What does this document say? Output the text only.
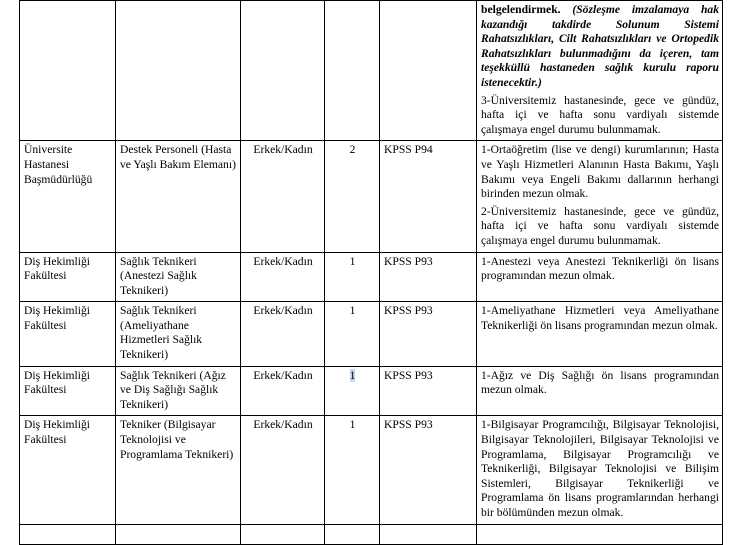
					belgelendirmek. (Sözleşme imzalamaya hak kazandığı takdirde Solunum Sistemi Rahatsızlıkları, Cilt Rahatsızlıkları ve Ortopedik Rahatsızlıkları bulunmadığını da içeren, tam teşekküllü hastaneden sağlık kurulu raporu istenecektir.)
3-Üniversitemiz hastanesinde, gece ve gündüz, hafta içi ve hafta sonu vardiyalı sistemde çalışmaya engel durumu bulunmamak.

Üniversite Hastanesi Başmüdürlüğü	Destek Personeli (Hasta ve Yaşlı Bakım Elemanı)	Erkek/Kadın	2	KPSS P94	1-Ortaöğretim (lise ve dengi) kurumlarının; Hasta ve Yaşlı Hizmetleri Alanının Hasta Bakımı, Yaşlı Bakımı veya Engeli Bakımı dallarının herhangi birinden mezun olmak.
2-Üniversitemiz hastanesinde, gece ve gündüz, hafta içi ve hafta sonu vardiyalı sistemde çalışmaya engel durumu bulunmamak.

Diş Hekimliği Fakültesi	Sağlık Teknikeri (Anestezi Sağlık Teknikeri)	Erkek/Kadın	1	KPSS P93	1-Anestezi veya Anestezi Teknikerliği ön lisans programından mezun olmak.

Diş Hekimliği Fakültesi	Sağlık Teknikeri (Ameliyathane Hizmetleri Sağlık Teknikeri)	Erkek/Kadın	1	KPSS P93	1-Ameliyathane Hizmetleri veya Ameliyathane Teknikerliği ön lisans programından mezun olmak.

Diş Hekimliği Fakültesi	Sağlık Teknikeri (Ağız ve Diş Sağlığı Sağlık Teknikeri)	Erkek/Kadın	1	KPSS P93	1-Ağız ve Diş Sağlığı ön lisans programından mezun olmak.

Diş Hekimliği Fakültesi	Tekniker (Bilgisayar Teknolojisi ve Programlama Teknikeri)	Erkek/Kadın	1	KPSS P93	1-Bilgisayar Programcılığı, Bilgisayar Teknolojisi, Bilgisayar Teknolojileri, Bilgisayar Teknolojisi ve Programlama, Bilgisayar Programcılığı ve Teknikerliği, Bilgisayar Teknolojisi ve Bilişim Sistemleri, Bilgisayar Teknikerliği ve Programlama ön lisans programlarından herhangi bir bölümünden mezun olmak.
